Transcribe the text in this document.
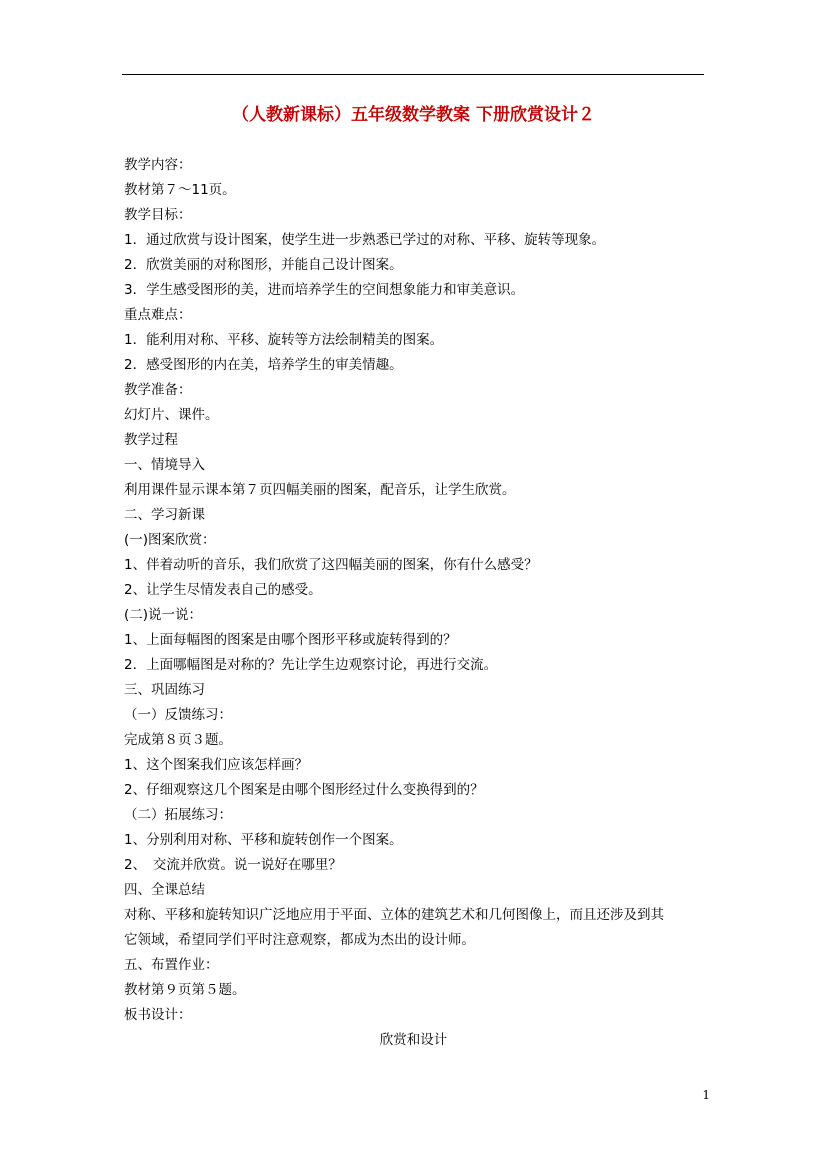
（人教新课标）五年级数学教案 下册欣赏设计２
教学内容：
教材第７～11页。
教学目标：
1．通过欣赏与设计图案，使学生进一步熟悉已学过的对称、平移、旋转等现象。
2．欣赏美丽的对称图形，并能自己设计图案。
3．学生感受图形的美，进而培养学生的空间想象能力和审美意识。
重点难点：
1．能利用对称、平移、旋转等方法绘制精美的图案。
2．感受图形的内在美，培养学生的审美情趣。
教学准备：
幻灯片、课件。
教学过程
一、情境导入
利用课件显示课本第７页四幅美丽的图案，配音乐，让学生欣赏。
二、学习新课
(一)图案欣赏：
1、伴着动听的音乐，我们欣赏了这四幅美丽的图案，你有什么感受？
2、让学生尽情发表自己的感受。
(二)说一说：
1、上面每幅图的图案是由哪个图形平移或旋转得到的？
2．上面哪幅图是对称的？先让学生边观察讨论，再进行交流。
三、巩固练习
（一）反馈练习：
完成第８页３题。
1、这个图案我们应该怎样画？
2、仔细观察这几个图案是由哪个图形经过什么变换得到的？
（二）拓展练习：
1、分别利用对称、平移和旋转创作一个图案。
2、　交流并欣赏。说一说好在哪里？
四、全课总结
对称、平移和旋转知识广泛地应用于平面、立体的建筑艺术和几何图像上，而且还涉及到其
它领域，希望同学们平时注意观察，都成为杰出的设计师。
五、布置作业：
教材第９页第５题。
板书设计：
欣赏和设计
1
